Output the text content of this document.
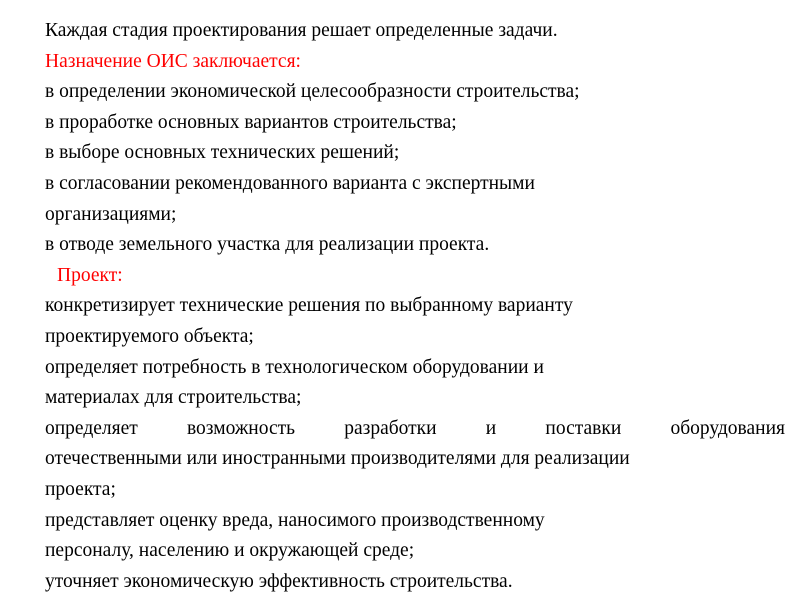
Каждая стадия проектирования решает определенные задачи.
Назначение ОИС заключается:
в определении экономической целесообразности строительства;
в проработке основных вариантов строительства;
в выборе основных технических решений;
в согласовании рекомендованного варианта с экспертными
организациями;
в отводе земельного участка для реализации проекта.
Проект:
конкретизирует технические решения по выбранному варианту
проектируемого объекта;
определяет потребность в технологическом оборудовании и
материалах для строительства;
определяет возможность разработки и поставки оборудования
отечественными или иностранными производителями для реализации
проекта;
представляет оценку вреда, наносимого производственному
персоналу, населению и окружающей среде;
уточняет экономическую эффективность строительства.
